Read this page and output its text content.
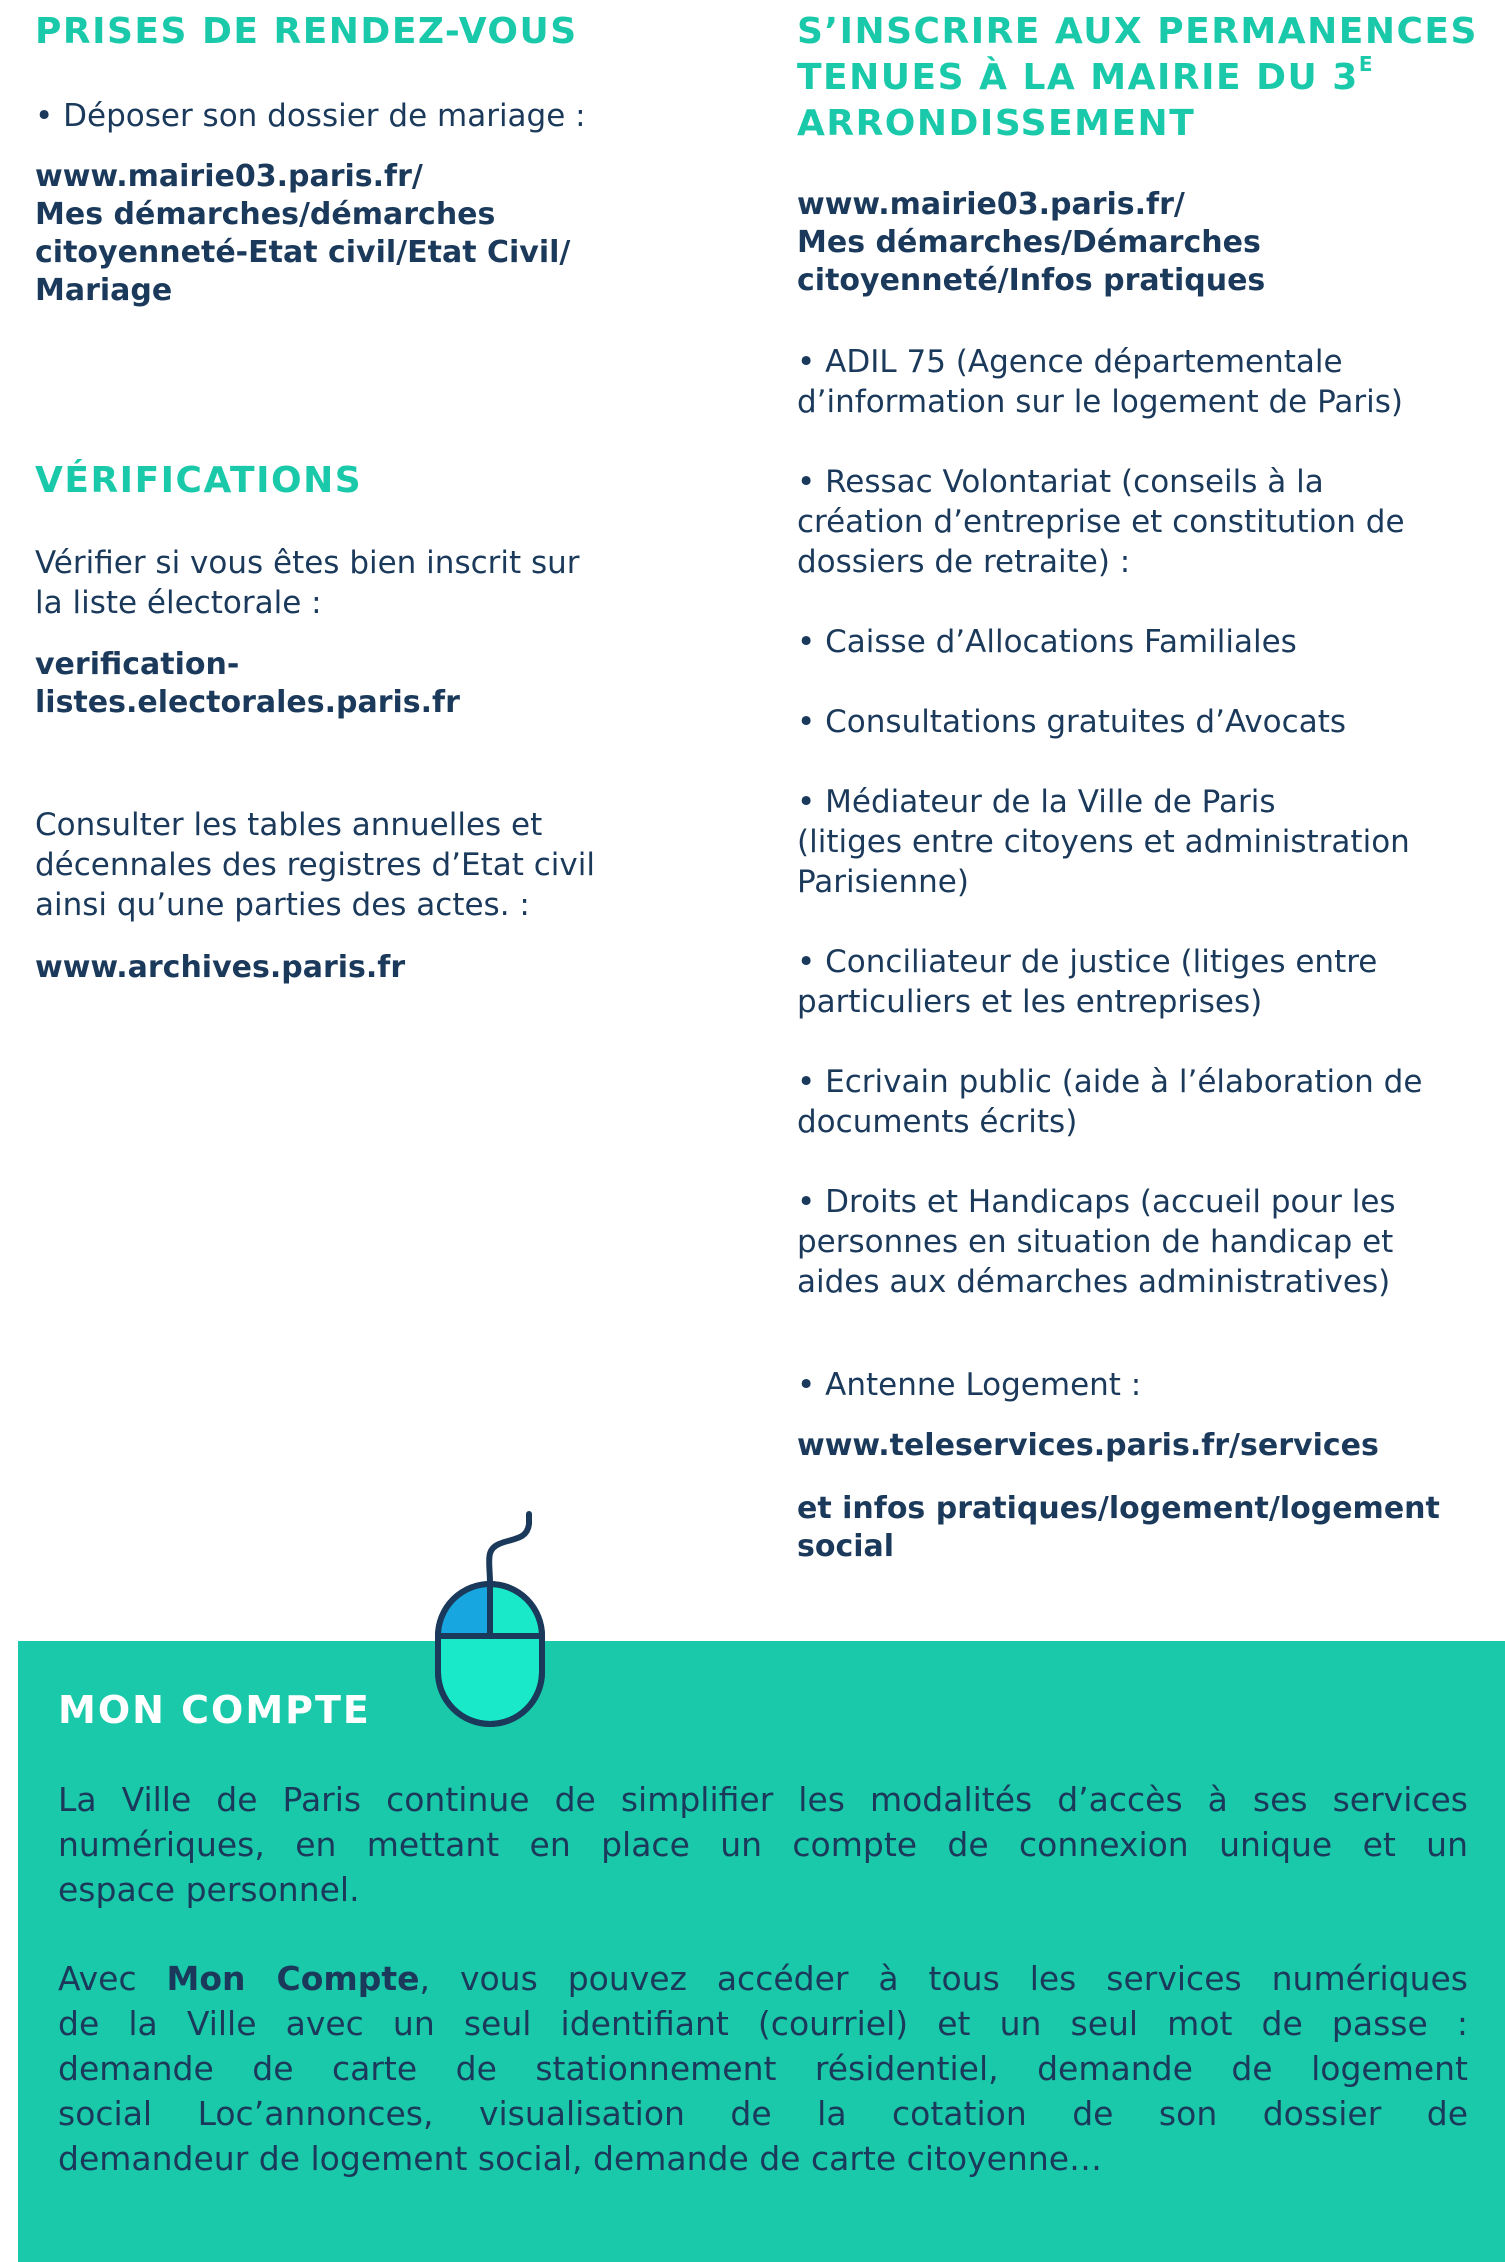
PRISES DE RENDEZ-VOUS
• Déposer son dossier de mariage :
www.mairie03.paris.fr/
Mes démarches/démarches
citoyenneté-Etat civil/Etat Civil/
Mariage
VÉRIFICATIONS
Vérifier si vous êtes bien inscrit sur
la liste électorale :
verification-
listes.electorales.paris.fr
Consulter les tables annuelles et
décennales des registres d’Etat civil
ainsi qu’une parties des actes. :
www.archives.paris.fr
S’INSCRIRE AUX PERMANENCES
TENUES À LA MAIRIE DU $3^E$
ARRONDISSEMENT
www.mairie03.paris.fr/
Mes démarches/Démarches
citoyenneté/Infos pratiques
• ADIL 75 (Agence départementale
d’information sur le logement de Paris)
• Ressac Volontariat (conseils à la
création d’entreprise et constitution de
dossiers de retraite) :
• Caisse d’Allocations Familiales
• Consultations gratuites d’Avocats
• Médiateur de la Ville de Paris
(litiges entre citoyens et administration
Parisienne)
• Conciliateur de justice (litiges entre
particuliers et les entreprises)
• Ecrivain public (aide à l’élaboration de
documents écrits)
• Droits et Handicaps (accueil pour les
personnes en situation de handicap et
aides aux démarches administratives)
• Antenne Logement :
www.teleservices.paris.fr/services
et infos pratiques/logement/logement
social
MON COMPTE
La Ville de Paris continue de simplifier les modalités d’accès à ses services
numériques, en mettant en place un compte de connexion unique et un
espace personnel.
Avec Mon Compte, vous pouvez accéder à tous les services numériques
de la Ville avec un seul identifiant (courriel) et un seul mot de passe :
demande de carte de stationnement résidentiel, demande de logement
social Loc’annonces, visualisation de la cotation de son dossier de
demandeur de logement social, demande de carte citoyenne…
